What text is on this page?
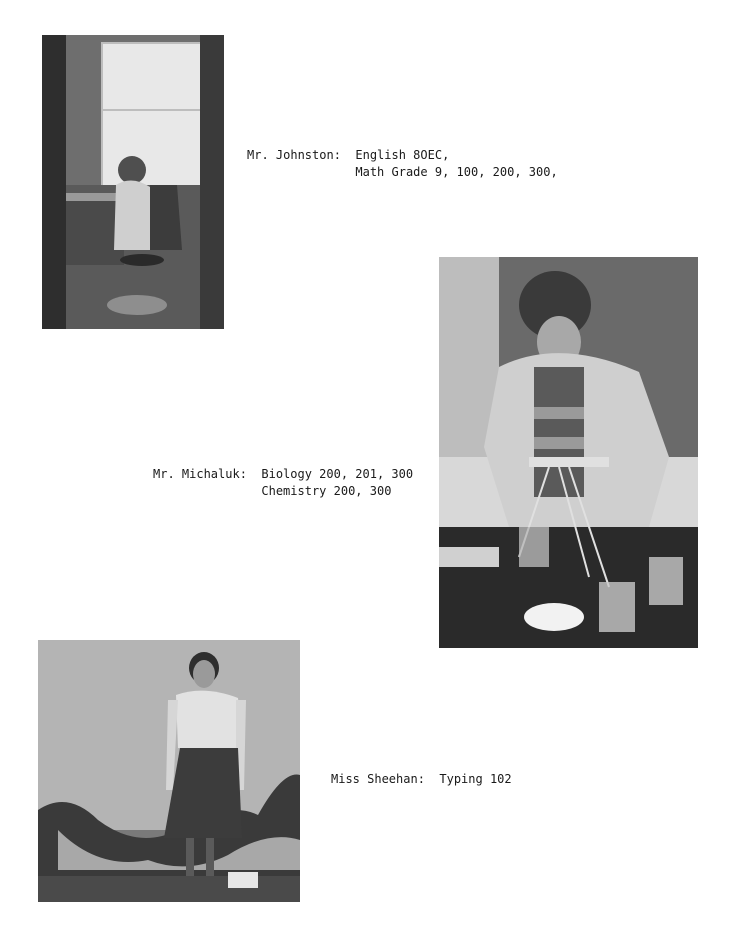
Mr. Johnston: English 8OEC,
Math Grade 9, 100, 200, 300,
Mr. Michaluk: Biology 200, 201, 300
Chemistry 200, 300
Miss Sheehan: Typing 102
